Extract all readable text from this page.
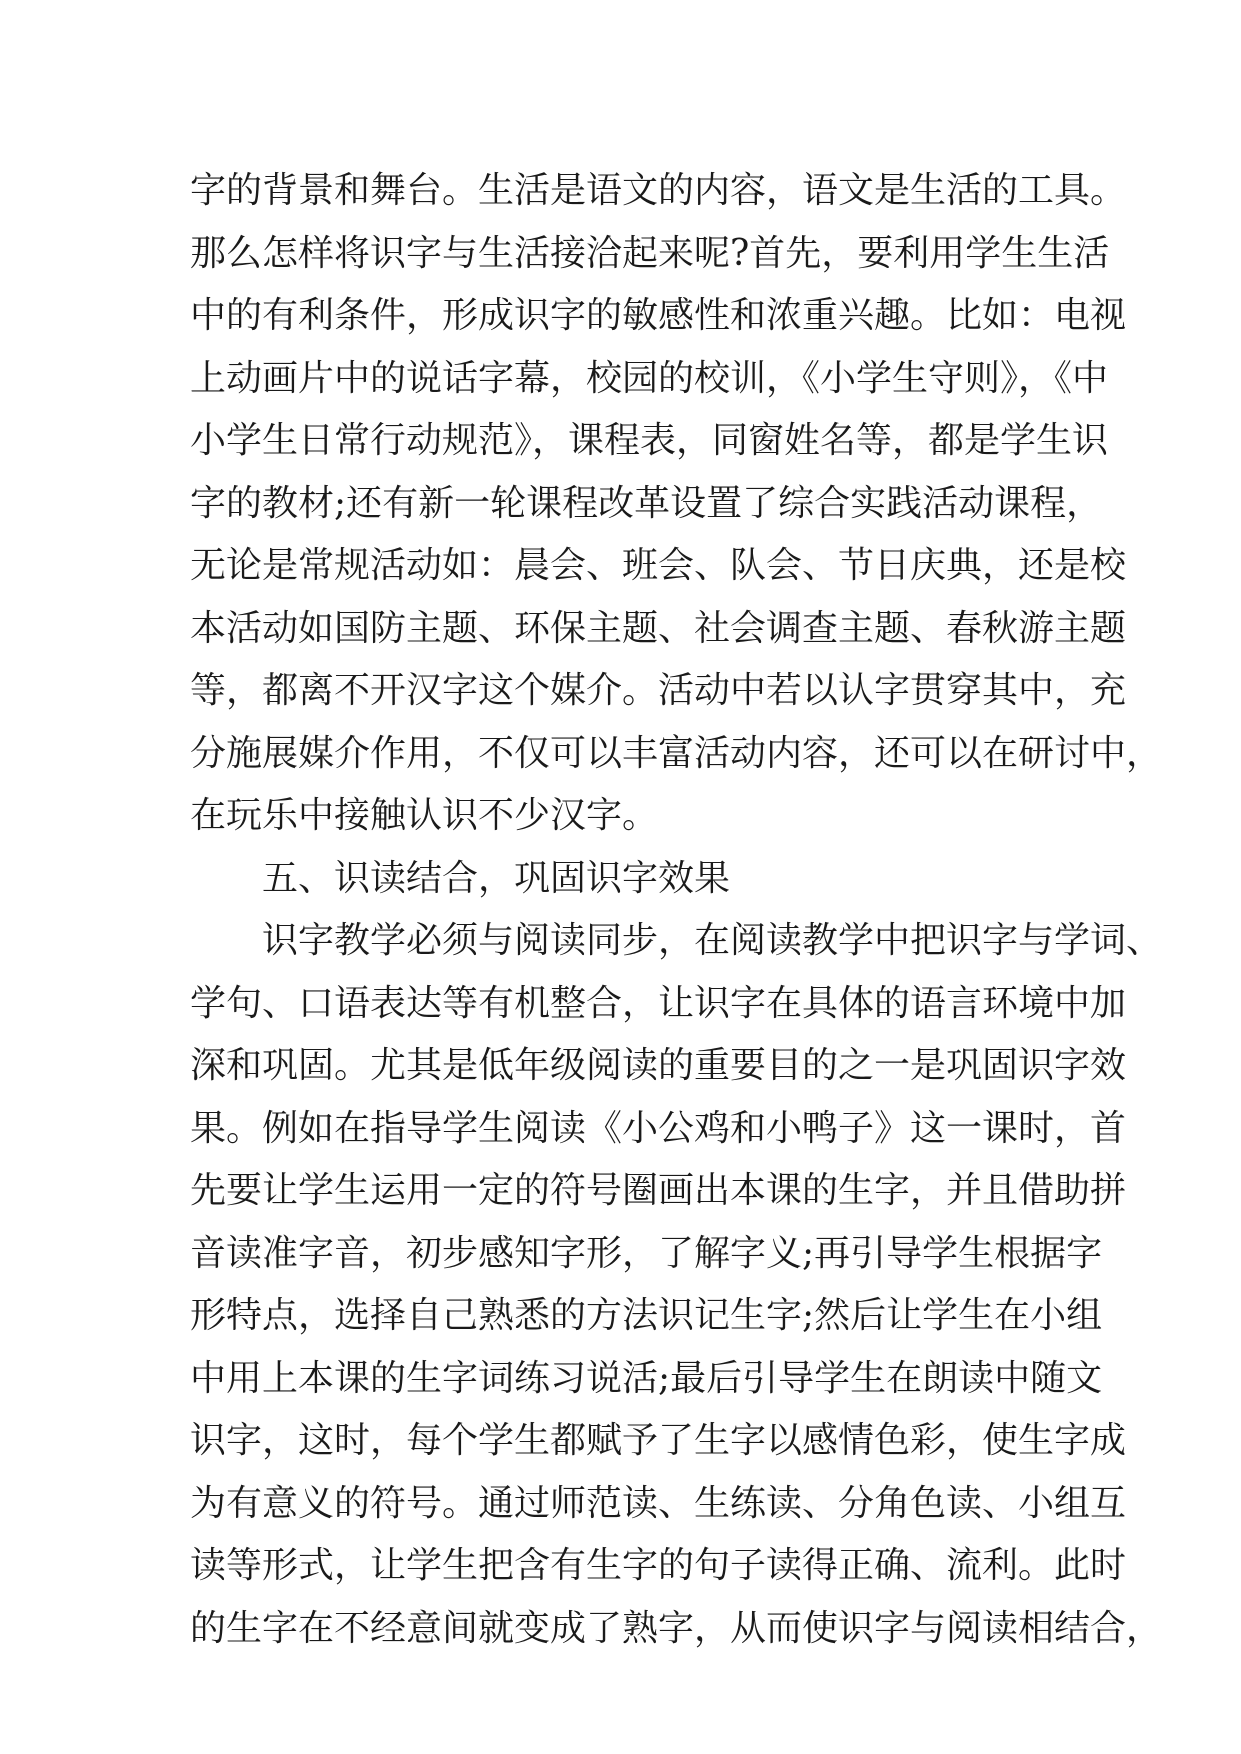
字的背景和舞台。生活是语文的内容，语文是生活的工具。
那么怎样将识字与生活接洽起来呢?首先，要利用学生生活
中的有利条件，形成识字的敏感性和浓重兴趣。比如：电视
上动画片中的说话字幕，校园的校训，《小学生守则》，《中
小学生日常行动规范》，课程表，同窗姓名等，都是学生识
字的教材;还有新一轮课程改革设置了综合实践活动课程，
无论是常规活动如：晨会、班会、队会、节日庆典，还是校
本活动如国防主题、环保主题、社会调查主题、春秋游主题
等，都离不开汉字这个媒介。活动中若以认字贯穿其中，充
分施展媒介作用，不仅可以丰富活动内容，还可以在研讨中，
在玩乐中接触认识不少汉字。
五、识读结合，巩固识字效果
识字教学必须与阅读同步，在阅读教学中把识字与学词、
学句、口语表达等有机整合，让识字在具体的语言环境中加
深和巩固。尤其是低年级阅读的重要目的之一是巩固识字效
果。例如在指导学生阅读《小公鸡和小鸭子》这一课时，首
先要让学生运用一定的符号圈画出本课的生字，并且借助拼
音读准字音，初步感知字形，了解字义;再引导学生根据字
形特点，选择自己熟悉的方法识记生字;然后让学生在小组
中用上本课的生字词练习说活;最后引导学生在朗读中随文
识字，这时，每个学生都赋予了生字以感情色彩，使生字成
为有意义的符号。通过师范读、生练读、分角色读、小组互
读等形式，让学生把含有生字的句子读得正确、流利。此时
的生字在不经意间就变成了熟字，从而使识字与阅读相结合，
